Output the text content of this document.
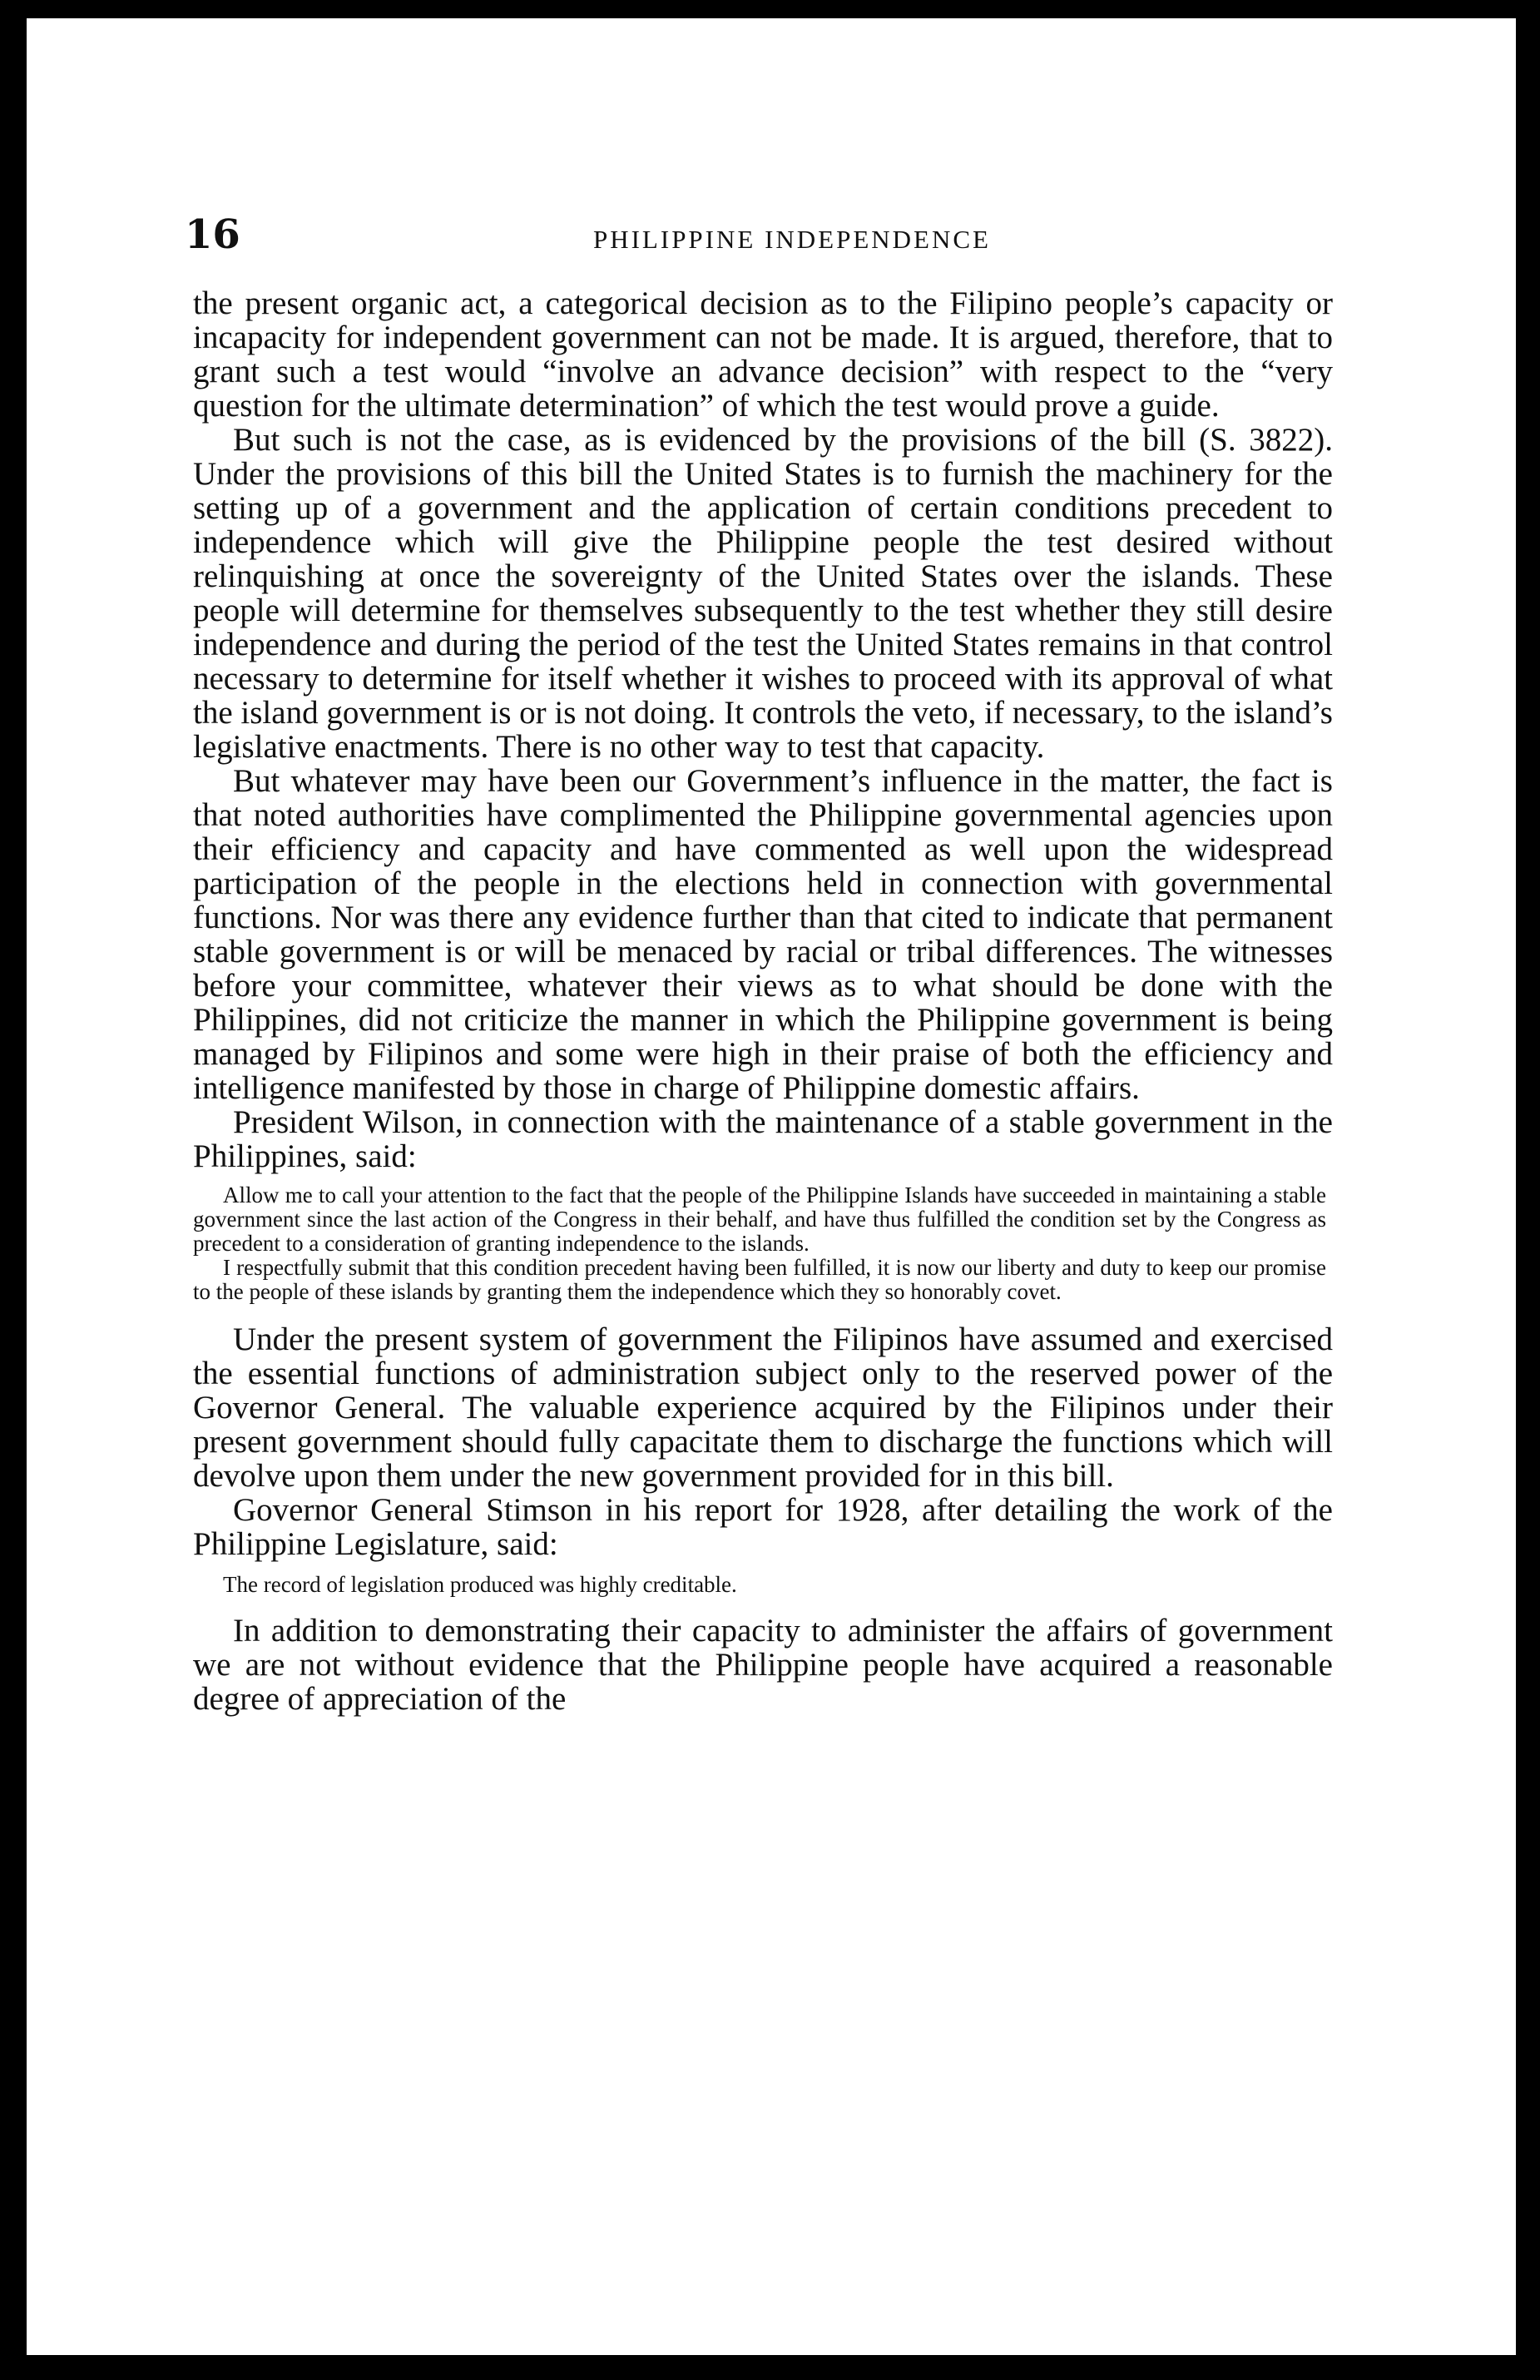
16	PHILIPPINE INDEPENDENCE

the present organic act, a categorical decision as to the Filipino people’s capacity or incapacity for independent government can not be made. It is argued, therefore, that to grant such a test would “involve an advance decision” with respect to the “very question for the ultimate determination” of which the test would prove a guide.

But such is not the case, as is evidenced by the provisions of the bill (S. 3822). Under the provisions of this bill the United States is to furnish the machinery for the setting up of a government and the application of certain conditions precedent to independence which will give the Philippine people the test desired without relinquishing at once the sovereignty of the United States over the islands. These people will determine for themselves subsequently to the test whether they still desire independence and during the period of the test the United States remains in that control necessary to determine for itself whether it wishes to proceed with its approval of what the island government is or is not doing. It controls the veto, if necessary, to the island’s legislative enactments. There is no other way to test that capacity.

But whatever may have been our Government’s influence in the matter, the fact is that noted authorities have complimented the Philippine governmental agencies upon their efficiency and capacity and have commented as well upon the widespread participation of the people in the elections held in connection with governmental functions. Nor was there any evidence further than that cited to indicate that permanent stable government is or will be menaced by racial or tribal differences. The witnesses before your committee, whatever their views as to what should be done with the Philippines, did not criticize the manner in which the Philippine government is being managed by Filipinos and some were high in their praise of both the efficiency and intelligence manifested by those in charge of Philippine domestic affairs.

President Wilson, in connection with the maintenance of a stable government in the Philippines, said:

Allow me to call your attention to the fact that the people of the Philippine Islands have succeeded in maintaining a stable government since the last action of the Congress in their behalf, and have thus fulfilled the condition set by the Congress as precedent to a consideration of granting independence to the islands.

I respectfully submit that this condition precedent having been fulfilled, it is now our liberty and duty to keep our promise to the people of these islands by granting them the independence which they so honorably covet.

Under the present system of government the Filipinos have assumed and exercised the essential functions of administration subject only to the reserved power of the Governor General. The valuable experience acquired by the Filipinos under their present government should fully capacitate them to discharge the functions which will devolve upon them under the new government provided for in this bill.

Governor General Stimson in his report for 1928, after detailing the work of the Philippine Legislature, said:

The record of legislation produced was highly creditable.

In addition to demonstrating their capacity to administer the affairs of government we are not without evidence that the Philippine people have acquired a reasonable degree of appreciation of the
